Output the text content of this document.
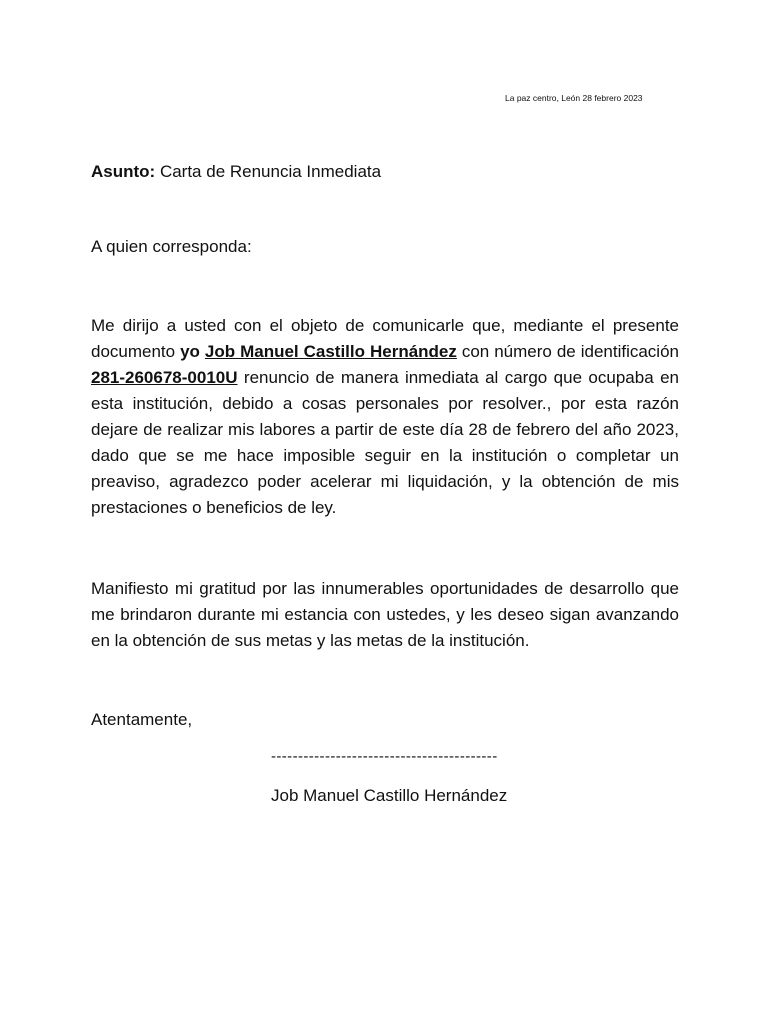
La paz centro, León 28 febrero 2023
Asunto: Carta de Renuncia Inmediata
A quien corresponda:

Me dirijo a usted con el objeto de comunicarle que, mediante el presente documento yo Job Manuel Castillo Hernández con número de identificación 281-260678-0010U renuncio de manera inmediata al cargo que ocupaba en esta institución, debido a cosas personales por resolver., por esta razón dejare de realizar mis labores a partir de este día 28 de febrero del año 2023, dado que se me hace imposible seguir en la institución o completar un preaviso, agradezco poder acelerar mi liquidación, y la obtención de mis prestaciones o beneficios de ley.

Manifiesto mi gratitud por las innumerables oportunidades de desarrollo que me brindaron durante mi estancia con ustedes, y les deseo sigan avanzando en la obtención de sus metas y las metas de la institución.

Atentamente,
------------------------------------------
Job Manuel Castillo Hernández
